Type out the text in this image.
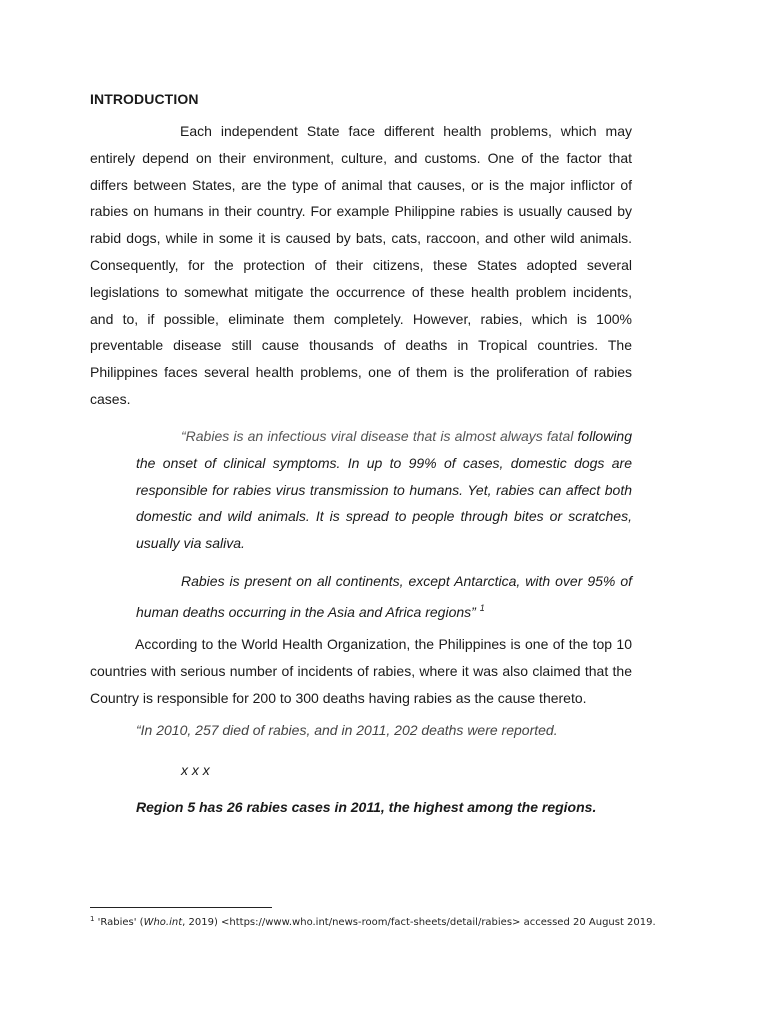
INTRODUCTION
Each independent State face different health problems, which may entirely depend on their environment, culture, and customs. One of the factor that differs between States, are the type of animal that causes, or is the major inflictor of rabies on humans in their country. For example Philippine rabies is usually caused by rabid dogs, while in some it is caused by bats, cats, raccoon, and other wild animals. Consequently, for the protection of their citizens, these States adopted several legislations to somewhat mitigate the occurrence of these health problem incidents, and to, if possible, eliminate them completely. However, rabies, which is 100% preventable disease still cause thousands of deaths in Tropical countries. The Philippines faces several health problems, one of them is the proliferation of rabies cases.
“Rabies is an infectious viral disease that is almost always fatal following the onset of clinical symptoms. In up to 99% of cases, domestic dogs are responsible for rabies virus transmission to humans. Yet, rabies can affect both domestic and wild animals. It is spread to people through bites or scratches, usually via saliva.
Rabies is present on all continents, except Antarctica, with over 95% of human deaths occurring in the Asia and Africa regions” $^1$
According to the World Health Organization, the Philippines is one of the top 10 countries with serious number of incidents of rabies, where it was also claimed that the Country is responsible for 200 to 300 deaths having rabies as the cause thereto.
“In 2010, 257 died of rabies, and in 2011, 202 deaths were reported.
x x x
Region 5 has 26 rabies cases in 2011, the highest among the regions.
$^1$ 'Rabies' (Who.int, 2019) <https://www.who.int/news-room/fact-sheets/detail/rabies> accessed 20 August 2019.
